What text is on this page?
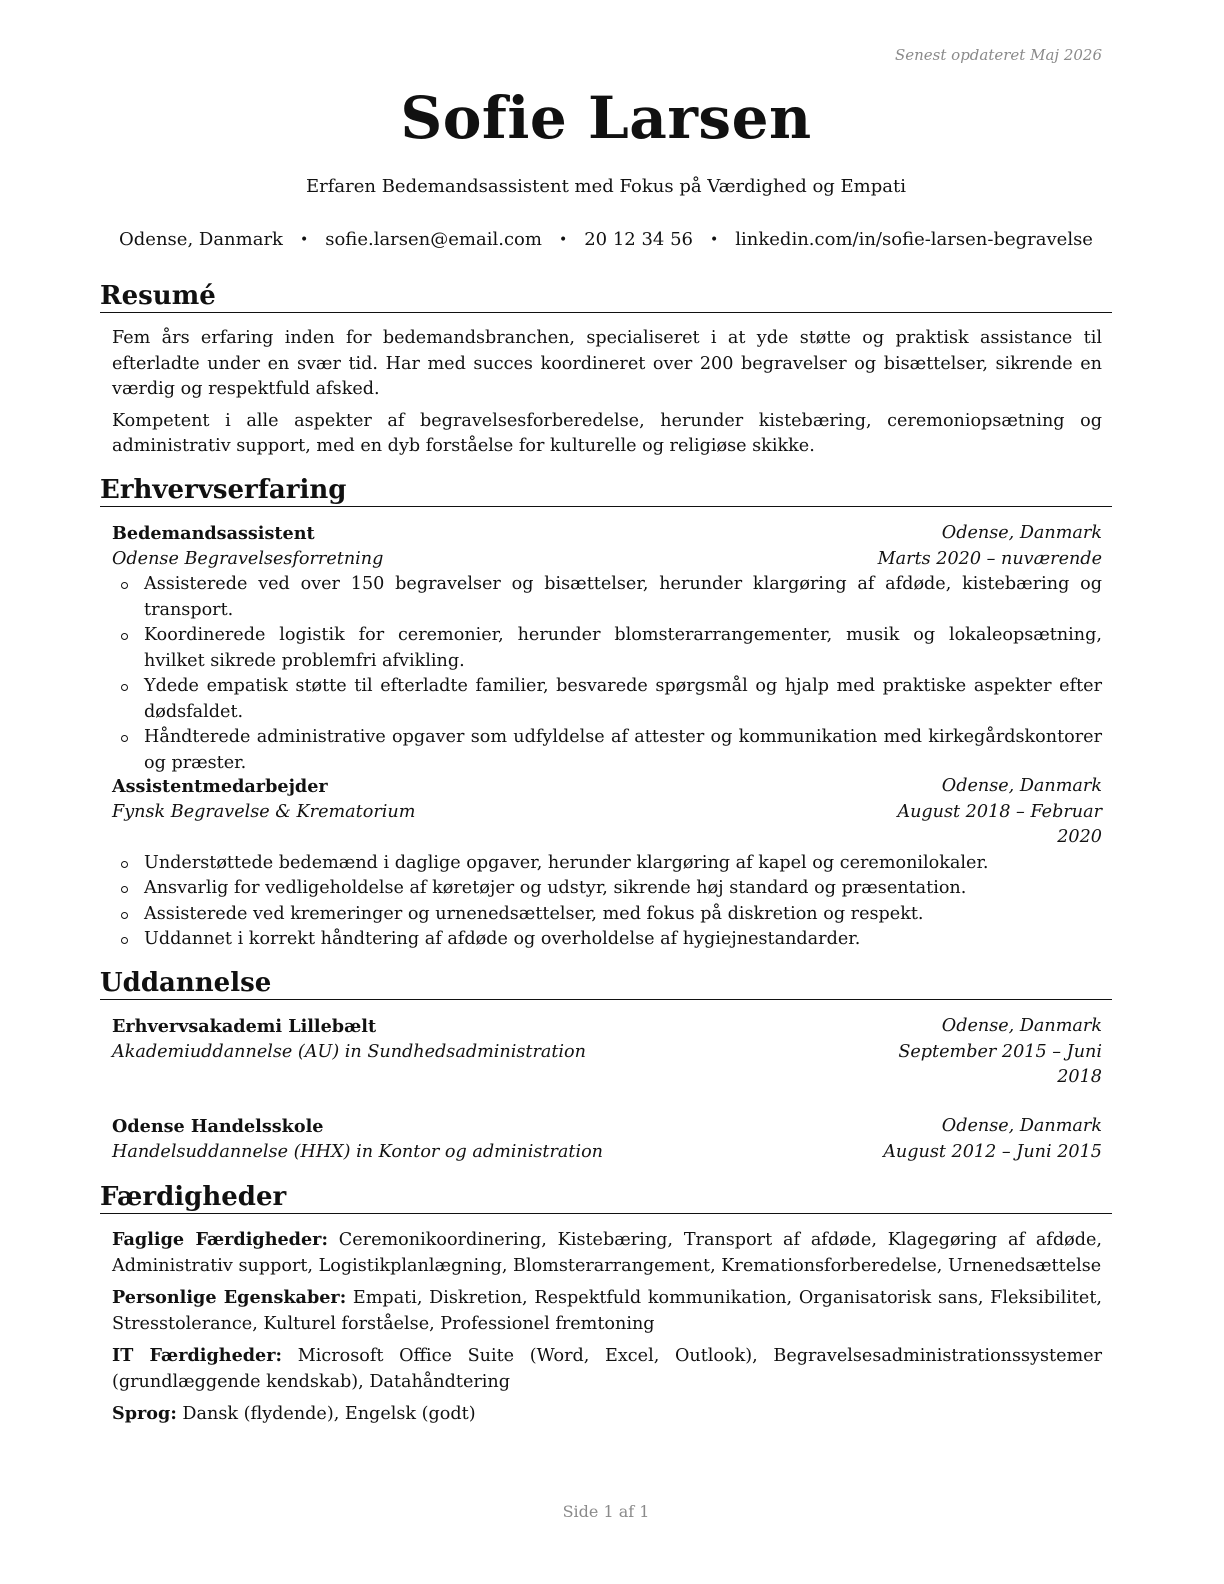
Senest opdateret Maj 2026
Sofie Larsen
Erfaren Bedemandsassistent med Fokus på Værdighed og Empati
Odense, Danmark • sofie.larsen@email.com • 20 12 34 56 • linkedin.com/in/sofie-larsen-begravelse
Resumé

Fem års erfaring inden for bedemandsbranchen, specialiseret i at yde støtte og praktisk assistance til efterladte under en svær tid. Har med succes koordineret over 200 begravelser og bisættelser, sikrende en værdig og respektfuld afsked.

Kompetent i alle aspekter af begravelsesforberedelse, herunder kistebæring, ceremoniopsætning og administrativ support, med en dyb forståelse for kulturelle og religiøse skikke.

Erhvervserfaring
Bedemandsassistent	Odense, Danmark
Odense Begravelsesforretning	Marts 2020 – nuværende
Assisterede ved over 150 begravelser og bisættelser, herunder klargøring af afdøde, kistebæring og transport.
Koordinerede logistik for ceremonier, herunder blomsterarrangementer, musik og lokaleopsætning, hvilket sikrede problemfri afvikling.
Ydede empatisk støtte til efterladte familier, besvarede spørgsmål og hjalp med praktiske aspekter efter dødsfaldet.
Håndterede administrative opgaver som udfyldelse af attester og kommunikation med kirkegårdskontorer og præster.
Assistentmedarbejder	Odense, Danmark
Fynsk Begravelse & Krematorium	August 2018 – Februar 2020
Understøttede bedemænd i daglige opgaver, herunder klargøring af kapel og ceremonilokaler.
Ansvarlig for vedligeholdelse af køretøjer og udstyr, sikrende høj standard og præsentation.
Assisterede ved kremeringer og urnenedsættelser, med fokus på diskretion og respekt.
Uddannet i korrekt håndtering af afdøde og overholdelse af hygiejnestandarder.
Uddannelse
Erhvervsakademi Lillebælt	Odense, Danmark
Akademiuddannelse (AU) in Sundhedsadministration	September 2015 – Juni 2018
Odense Handelsskole	Odense, Danmark
Handelsuddannelse (HHX) in Kontor og administration	August 2012 – Juni 2015
Færdigheder

Faglige Færdigheder: Ceremonikoordinering, Kistebæring, Transport af afdøde, Klagegøring af afdøde, Administrativ support, Logistikplanlægning, Blomsterarrangement, Kremationsforberedelse, Urnenedsættelse

Personlige Egenskaber: Empati, Diskretion, Respektfuld kommunikation, Organisatorisk sans, Fleksibilitet, Stresstolerance, Kulturel forståelse, Professionel fremtoning

IT Færdigheder: Microsoft Office Suite (Word, Excel, Outlook), Begravelsesadministrationssystemer (grundlæggende kendskab), Datahåndtering

Sprog: Dansk (flydende), Engelsk (godt)

Side 1 af 1
